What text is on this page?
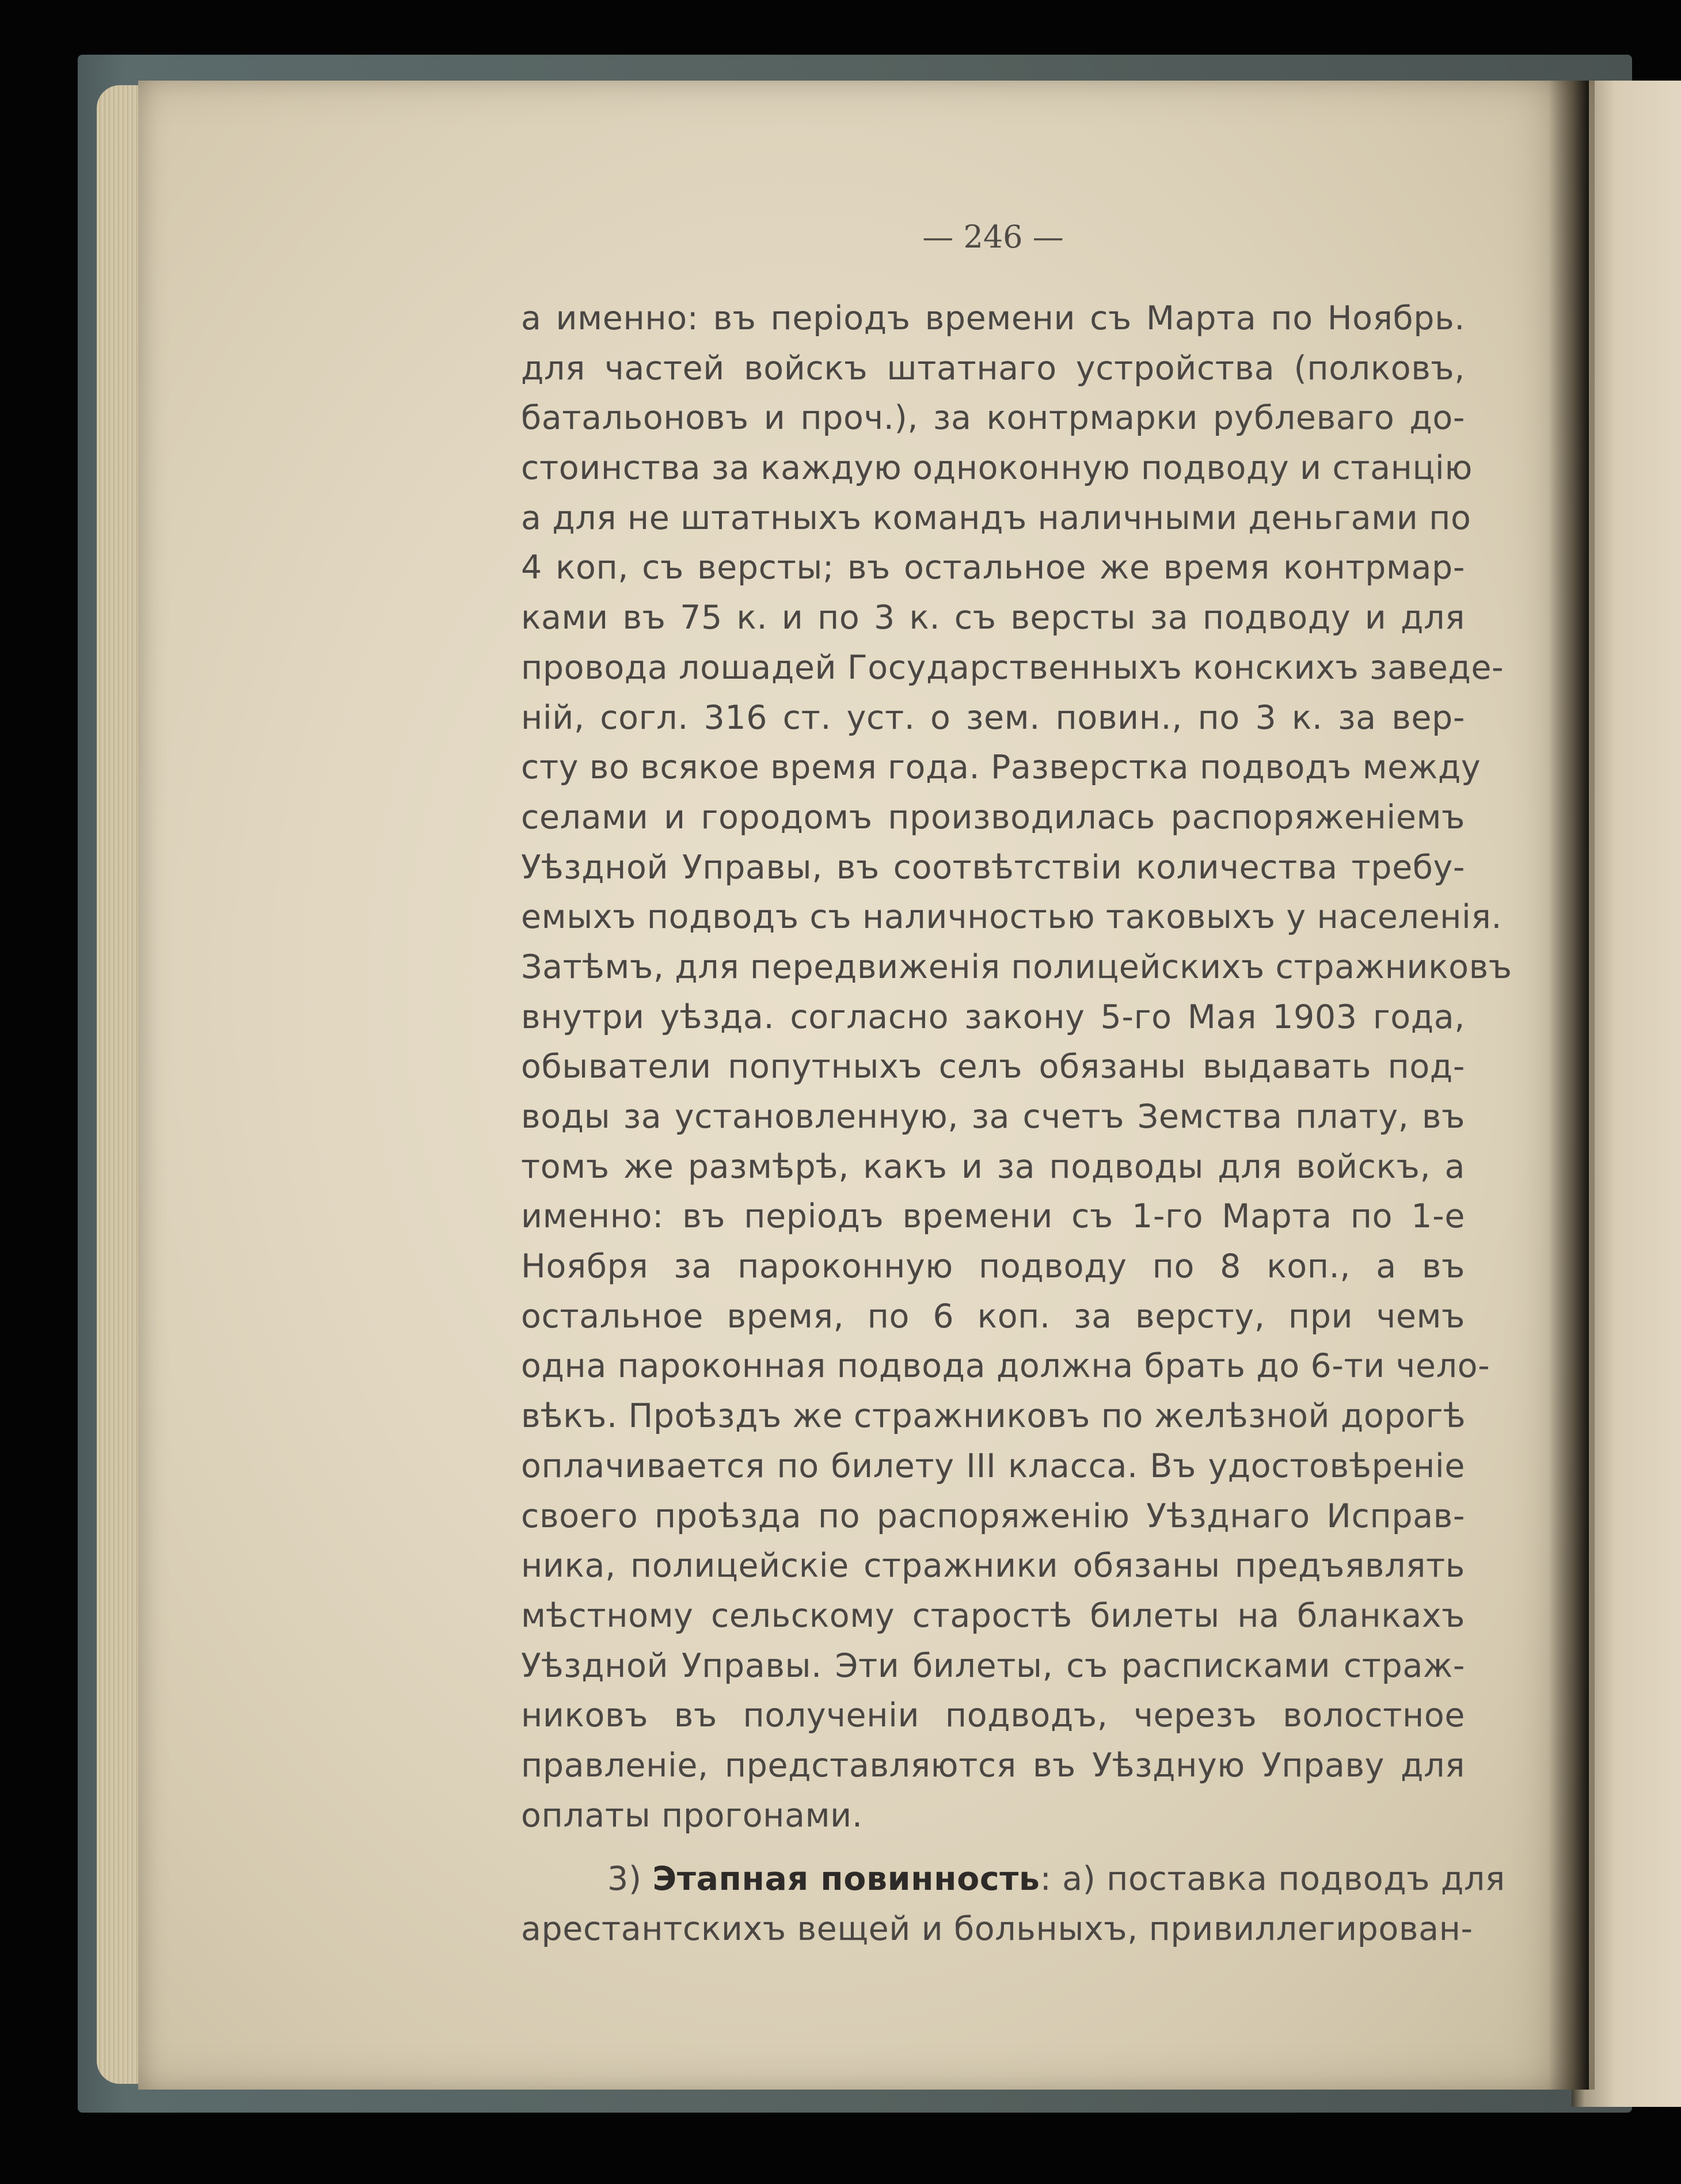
— 246 —
а именно: въ періодъ времени съ Марта по Ноябрь.
для частей войскъ штатнаго устройства (полковъ,
батальоновъ и проч.), за контрмарки рублеваго до-
стоинства за каждую одноконную подводу и станцію
а для не штатныхъ командъ наличными деньгами по
4 коп, съ версты; въ остальное же время контрмар-
ками въ 75 к. и по 3 к. съ версты за подводу и для
провода лошадей Государственныхъ конскихъ заведе-
ній, согл. 316 ст. уст. о зем. повин., по 3 к. за вер-
сту во всякое время года. Разверстка подводъ между
селами и городомъ производилась распоряженіемъ
Уѣздной Управы, въ соотвѣтствіи количества требу-
емыхъ подводъ съ наличностью таковыхъ у населенія.
Затѣмъ, для передвиженія полицейскихъ стражниковъ
внутри уѣзда. согласно закону 5-го Мая 1903 года,
обыватели попутныхъ селъ обязаны выдавать под-
воды за установленную, за счетъ Земства плату, въ
томъ же размѣрѣ, какъ и за подводы для войскъ, а
именно: въ періодъ времени съ 1-го Марта по 1-е
Ноября за пароконную подводу по 8 коп., а въ
остальное время, по 6 коп. за версту, при чемъ
одна пароконная подвода должна брать до 6-ти чело-
вѣкъ. Проѣздъ же стражниковъ по желѣзной дорогѣ
оплачивается по билету III класса. Въ удостовѣреніе
своего проѣзда по распоряженію Уѣзднаго Исправ-
ника, полицейскіе стражники обязаны предъявлять
мѣстному сельскому старостѣ билеты на бланкахъ
Уѣздной Управы. Эти билеты, съ расписками страж-
никовъ въ полученіи подводъ, черезъ волостное
правленіе, представляются въ Уѣздную Управу для
оплаты прогонами.
3) Этапная повинность: а) поставка подводъ для
арестантскихъ вещей и больныхъ, привиллегирован-
